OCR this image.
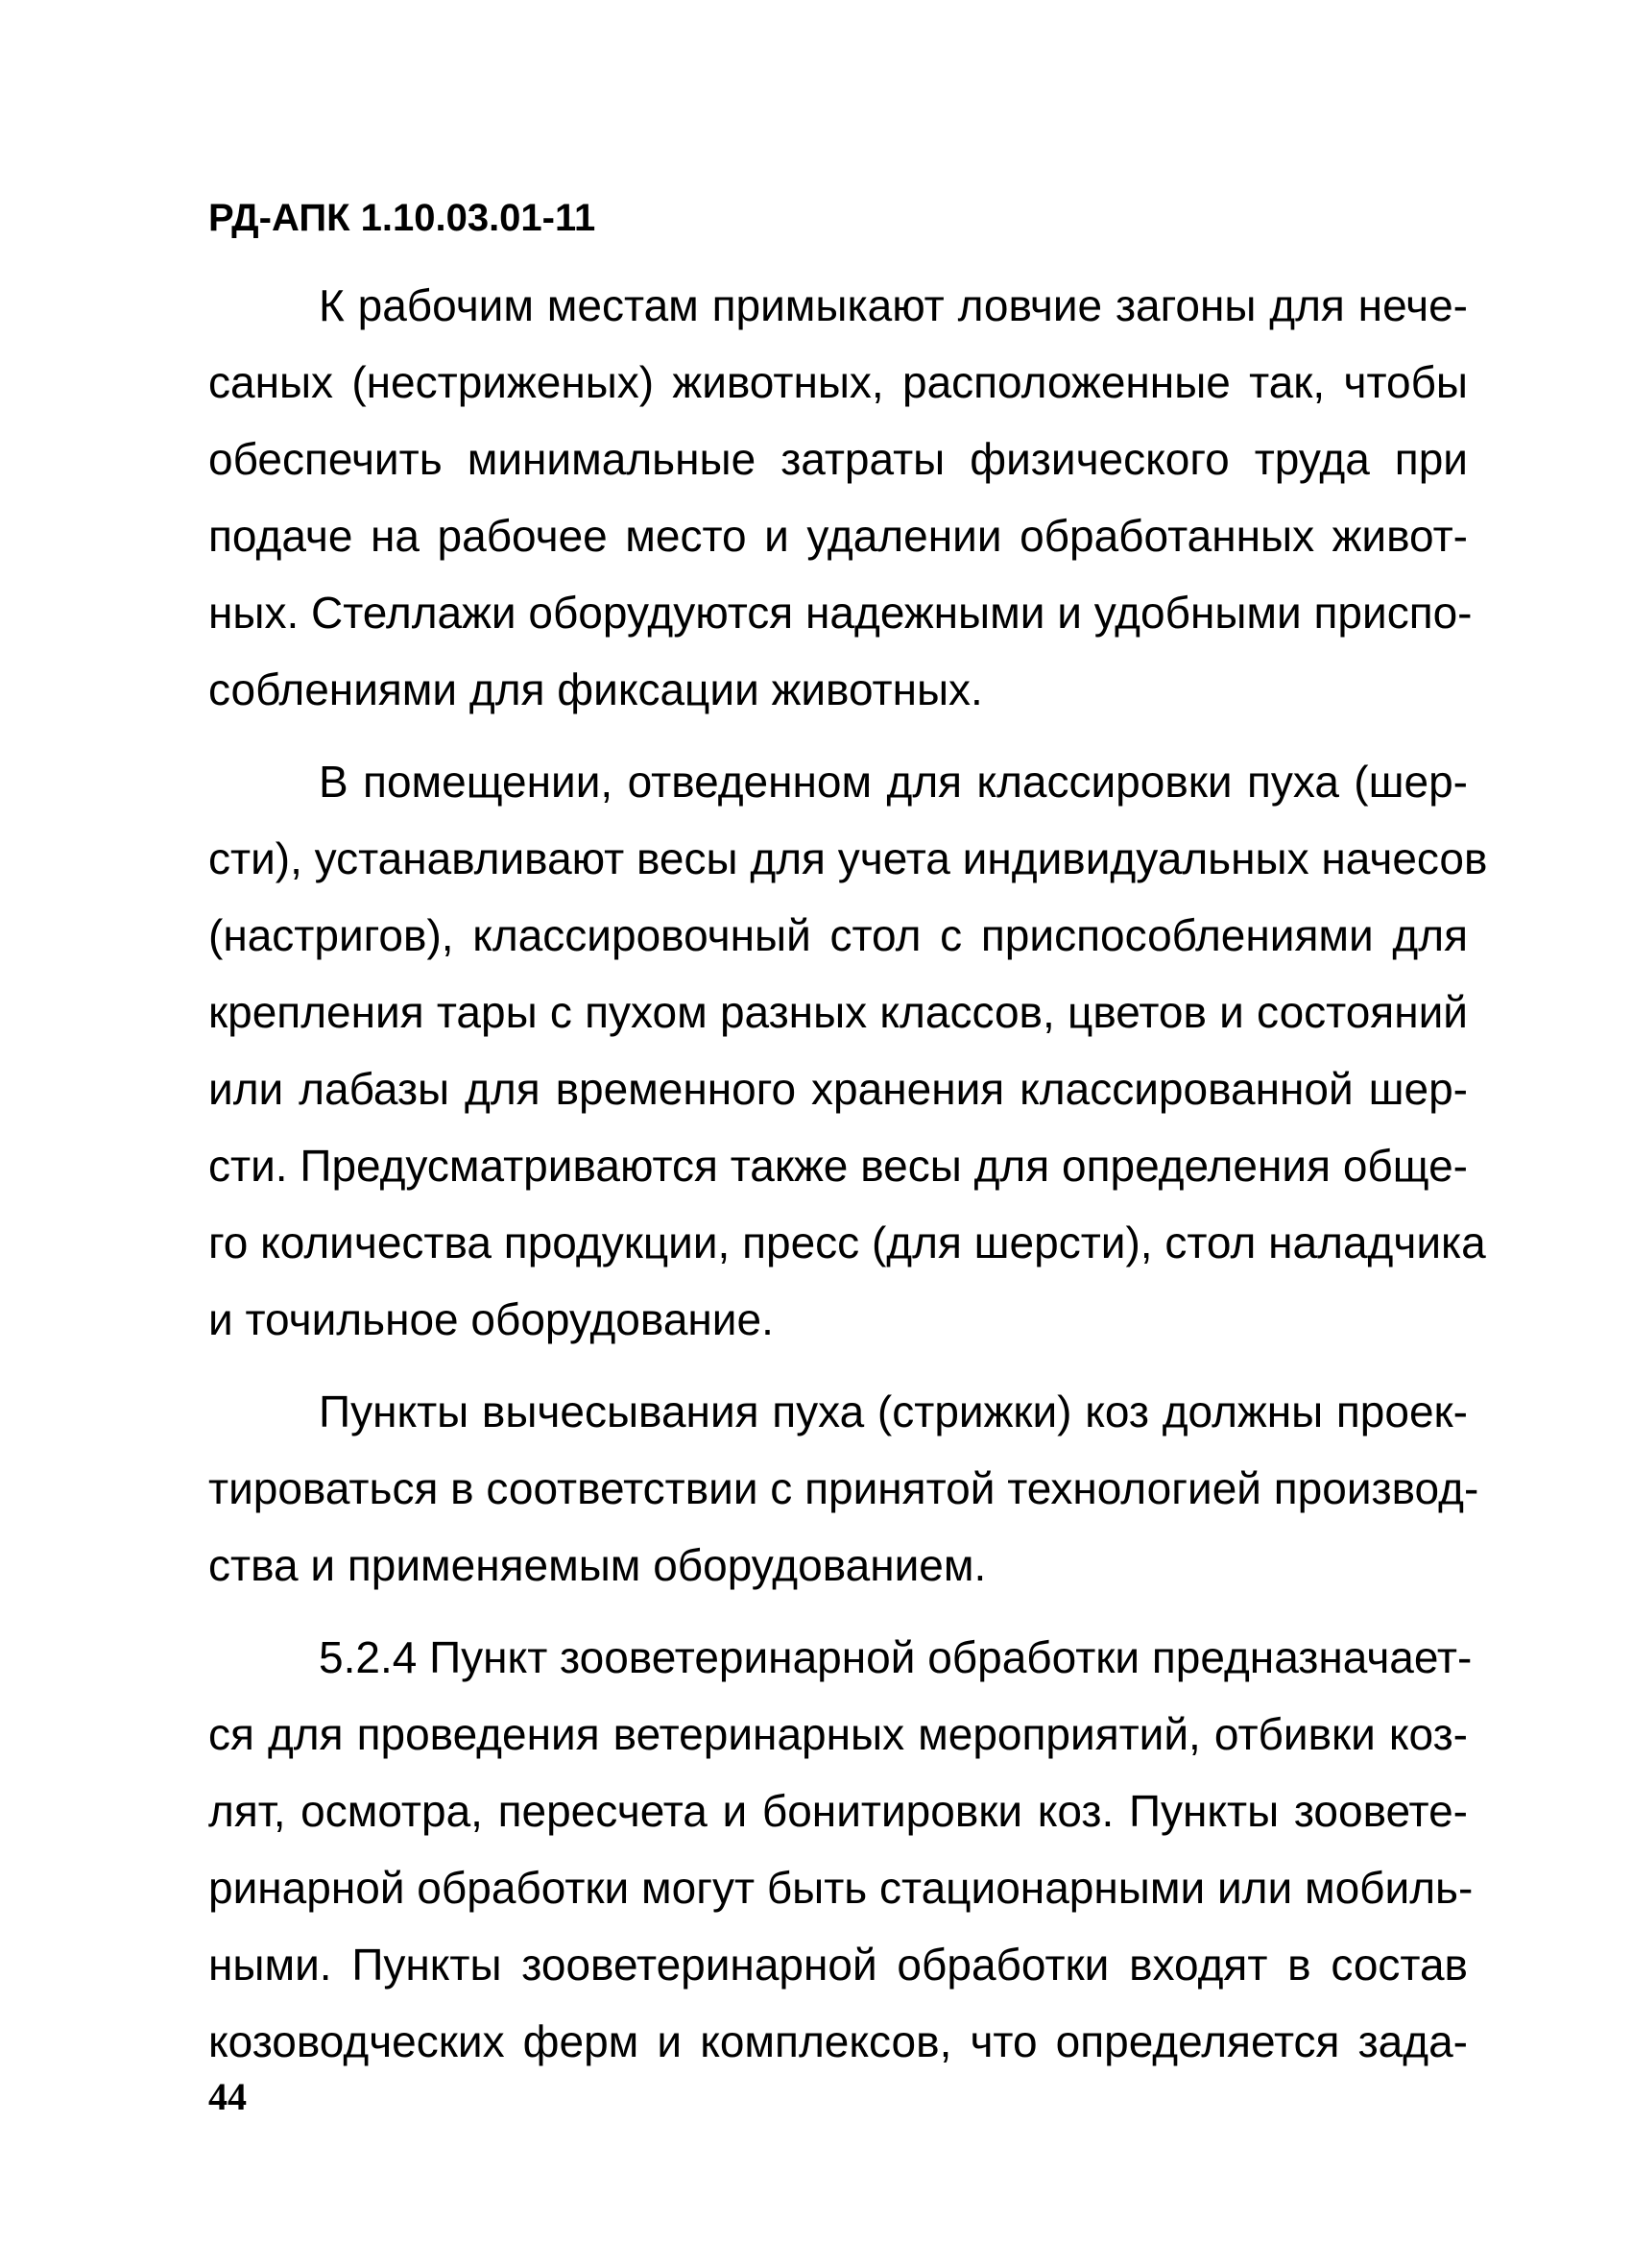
РД-АПК 1.10.03.01-11
К рабочим местам примыкают ловчие загоны для нече-
саных (нестриженых) животных, расположенные так, чтобы
обеспечить минимальные затраты физического труда при
подаче на рабочее место и удалении обработанных живот-
ных. Стеллажи оборудуются надежными и удобными приспо-
соблениями для фиксации животных.
В помещении, отведенном для классировки пуха (шер-
сти), устанавливают весы для учета индивидуальных начесов
(настригов), классировочный стол с приспособлениями для
крепления тары с пухом разных классов, цветов и состояний
или лабазы для временного хранения классированной шер-
сти. Предусматриваются также весы для определения обще-
го количества продукции, пресс (для шерсти), стол наладчика
и точильное оборудование.
Пункты вычесывания пуха (стрижки) коз должны проек-
тироваться в соответствии с принятой технологией производ-
ства и применяемым оборудованием.
5.2.4 Пункт зооветеринарной обработки предназначает-
ся для проведения ветеринарных мероприятий, отбивки коз-
лят, осмотра, пересчета и бонитировки коз. Пункты зоовете-
ринарной обработки могут быть стационарными или мобиль-
ными. Пункты зооветеринарной обработки входят в состав
козоводческих ферм и комплексов, что определяется зада-
44
